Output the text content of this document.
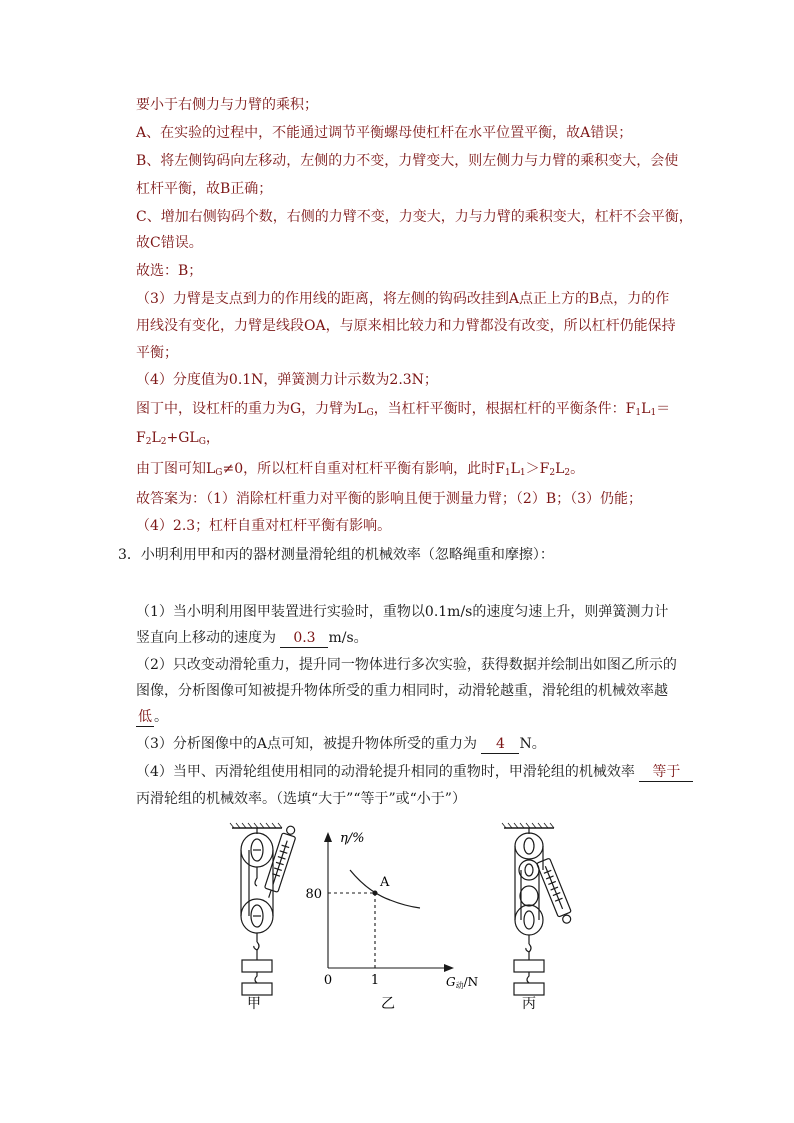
要小于右侧力与力臂的乘积；
A、在实验的过程中，不能通过调节平衡螺母使杠杆在水平位置平衡，故A错误；
B、将左侧钩码向左移动，左侧的力不变，力臂变大，则左侧力与力臂的乘积变大，会使
杠杆平衡，故B正确；
C、增加右侧钩码个数，右侧的力臂不变，力变大，力与力臂的乘积变大，杠杆不会平衡，
故C错误。
故选：B；
（3）力臂是支点到力的作用线的距离，将左侧的钩码改挂到A点正上方的B点，力的作
用线没有变化，力臂是线段OA，与原来相比较力和力臂都没有改变，所以杠杆仍能保持
平衡；
（4）分度值为0.1N，弹簧测力计示数为2.3N；
图丁中，设杠杆的重力为G，力臂为$L_G$，当杠杆平衡时，根据杠杆的平衡条件：$F_1L_1=$
$F_2L_2+GL_G$，
由丁图可知$L_G\ne 0$，所以杠杆自重对杠杆平衡有影响，此时$F_1L_1>F_2L_2$。
故答案为：（1）消除杠杆重力对平衡的影响且便于测量力臂；（2）B；（3）仍能；
（4）2.3；杠杆自重对杠杆平衡有影响。
3．小明利用甲和丙的器材测量滑轮组的机械效率（忽略绳重和摩擦）：
（1）当小明利用图甲装置进行实验时，重物以0.1m/s的速度匀速上升，则弹簧测力计
竖直向上移动的速度为 0.3 m/s。
（2）只改变动滑轮重力，提升同一物体进行多次实验，获得数据并绘制出如图乙所示的
图像，分析图像可知被提升物体所受的重力相同时，动滑轮越重，滑轮组的机械效率越
低 。
（3）分析图像中的A点可知，被提升物体所受的重力为 4 N。
（4）当甲、丙滑轮组使用相同的动滑轮提升相同的重物时，甲滑轮组的机械效率 等于
丙滑轮组的机械效率。（选填“大于”“等于”或“小于”）
甲
η/%
A
80
0	1	G动/N
乙	丙
